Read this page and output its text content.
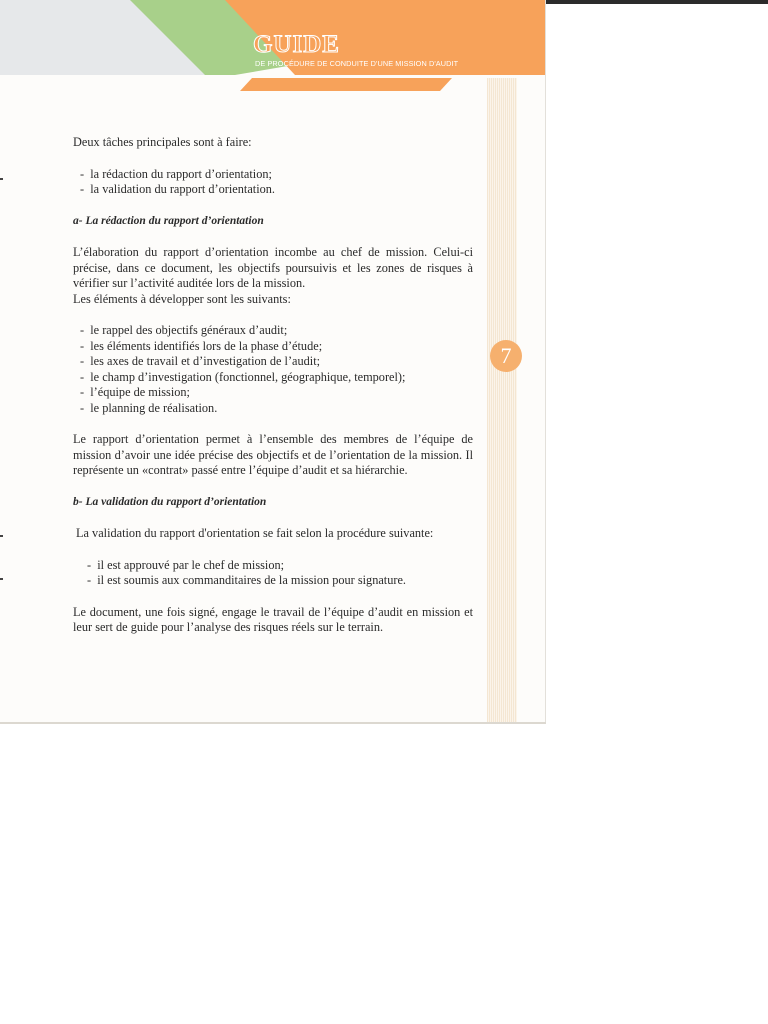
GUIDE
DE PROCÉDURE DE CONDUITE D'UNE MISSION D'AUDIT
7

Deux tâches principales sont à faire:

- la rédaction du rapport d’orientation;
- la validation du rapport d’orientation.

a- La rédaction du rapport d’orientation

L’élaboration du rapport d’orientation incombe au chef de mission. Celui-ci précise, dans ce document, les objectifs poursuivis et les zones de risques à vérifier sur l’activité auditée lors de la mission.

Les éléments à développer sont les suivants:

- le rappel des objectifs généraux d’audit;
- les éléments identifiés lors de la phase d’étude;
- les axes de travail et d’investigation de l’audit;
- le champ d’investigation (fonctionnel, géographique, temporel);
- l’équipe de mission;
- le planning de réalisation.

Le rapport d’orientation permet à l’ensemble des membres de l’équipe de mission d’avoir une idée précise des objectifs et de l’orientation de la mission. Il représente un «contrat» passé entre l’équipe d’audit et sa hiérarchie.

b- La validation du rapport d’orientation

La validation du rapport d'orientation se fait selon la procédure suivante:

- il est approuvé par le chef de mission;
- il est soumis aux commanditaires de la mission pour signature.

Le document, une fois signé, engage le travail de l’équipe d’audit en mission et leur sert de guide pour l’analyse des risques réels sur le terrain.
